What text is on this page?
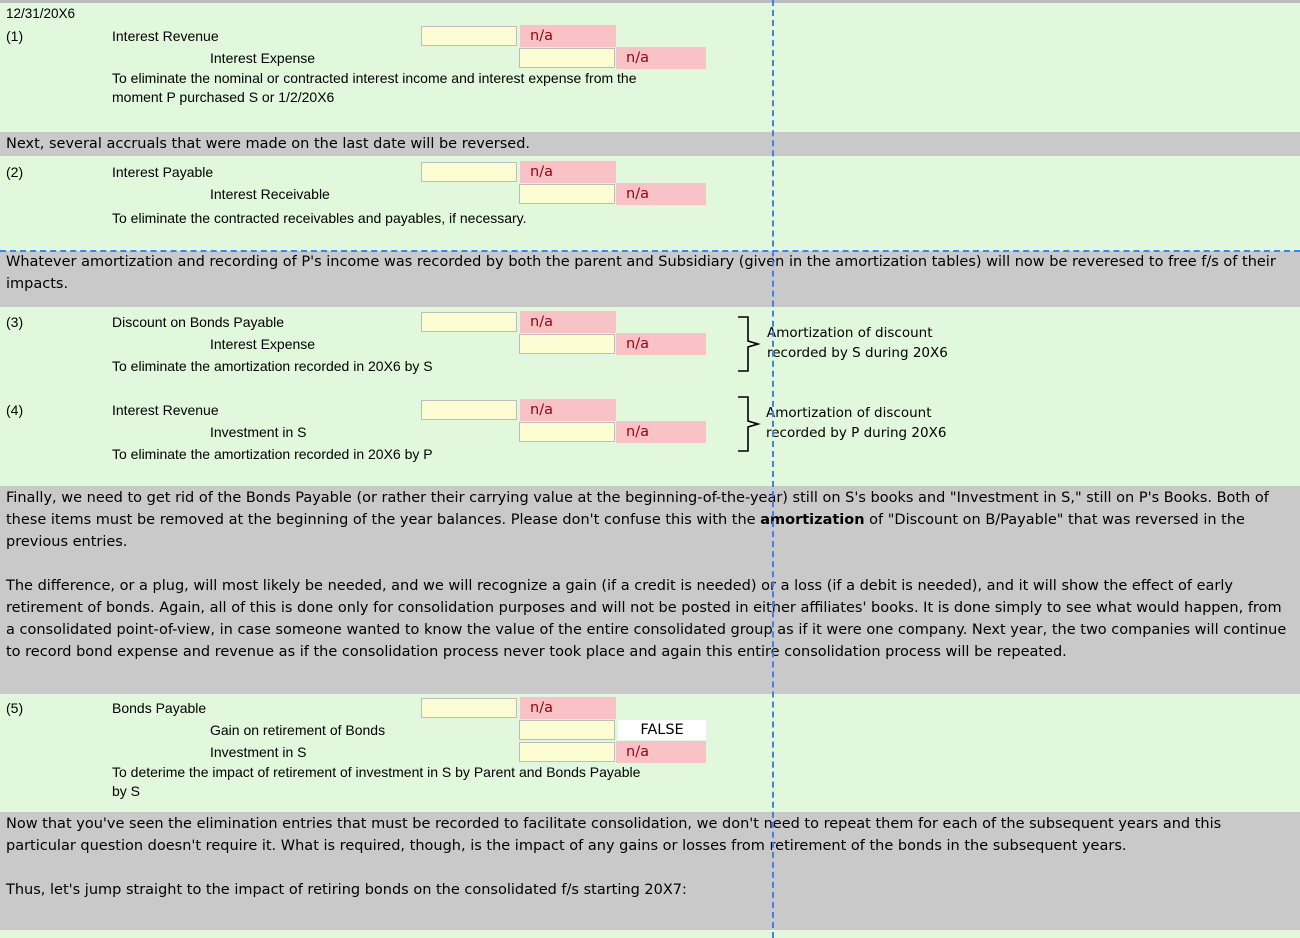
12/31/20X6
(1)	Interest Revenue	n/a
Interest Expense	n/a
To eliminate the nominal or contracted interest income and interest expense from the
moment P purchased S or 1/2/20X6
Next, several accruals that were made on the last date will be reversed.
(2)	Interest Payable	n/a
Interest Receivable	n/a
To eliminate the contracted receivables and payables, if necessary.
Whatever amortization and recording of P's income was recorded by both the parent and Subsidiary (given in the amortization tables) will now be reveresed to free f/s of their impacts.
(3)	Discount on Bonds Payable	n/a
Interest Expense	n/a
To eliminate the amortization recorded in 20X6 by S
Amortization of discount
recorded by S during 20X6
(4)	Interest Revenue	n/a
Investment in S	n/a
To eliminate the amortization recorded in 20X6 by P
Amortization of discount
recorded by P during 20X6
Finally, we need to get rid of the Bonds Payable (or rather their carrying value at the beginning-of-the-year) still on S's books and "Investment in S," still on P's Books. Both of these items must be removed at the beginning of the year balances. Please don't confuse this with the amortization of "Discount on B/Payable" that was reversed in the previous entries.
The difference, or a plug, will most likely be needed, and we will recognize a gain (if a credit is needed) or a loss (if a debit is needed), and it will show the effect of early retirement of bonds. Again, all of this is done only for consolidation purposes and will not be posted in either affiliates' books. It is done simply to see what would happen, from a consolidated point-of-view, in case someone wanted to know the value of the entire consolidated group as if it were one company. Next year, the two companies will continue to record bond expense and revenue as if the consolidation process never took place and again this entire consolidation process will be repeated.
(5)	Bonds Payable	n/a
Gain on retirement of Bonds	FALSE
Investment in S	n/a
To deterime the impact of retirement of investment in S by Parent and Bonds Payable
by S
Now that you've seen the elimination entries that must be recorded to facilitate consolidation, we don't need to repeat them for each of the subsequent years and this particular question doesn't require it. What is required, though, is the impact of any gains or losses from retirement of the bonds in the subsequent years.
Thus, let's jump straight to the impact of retiring bonds on the consolidated f/s starting 20X7:
